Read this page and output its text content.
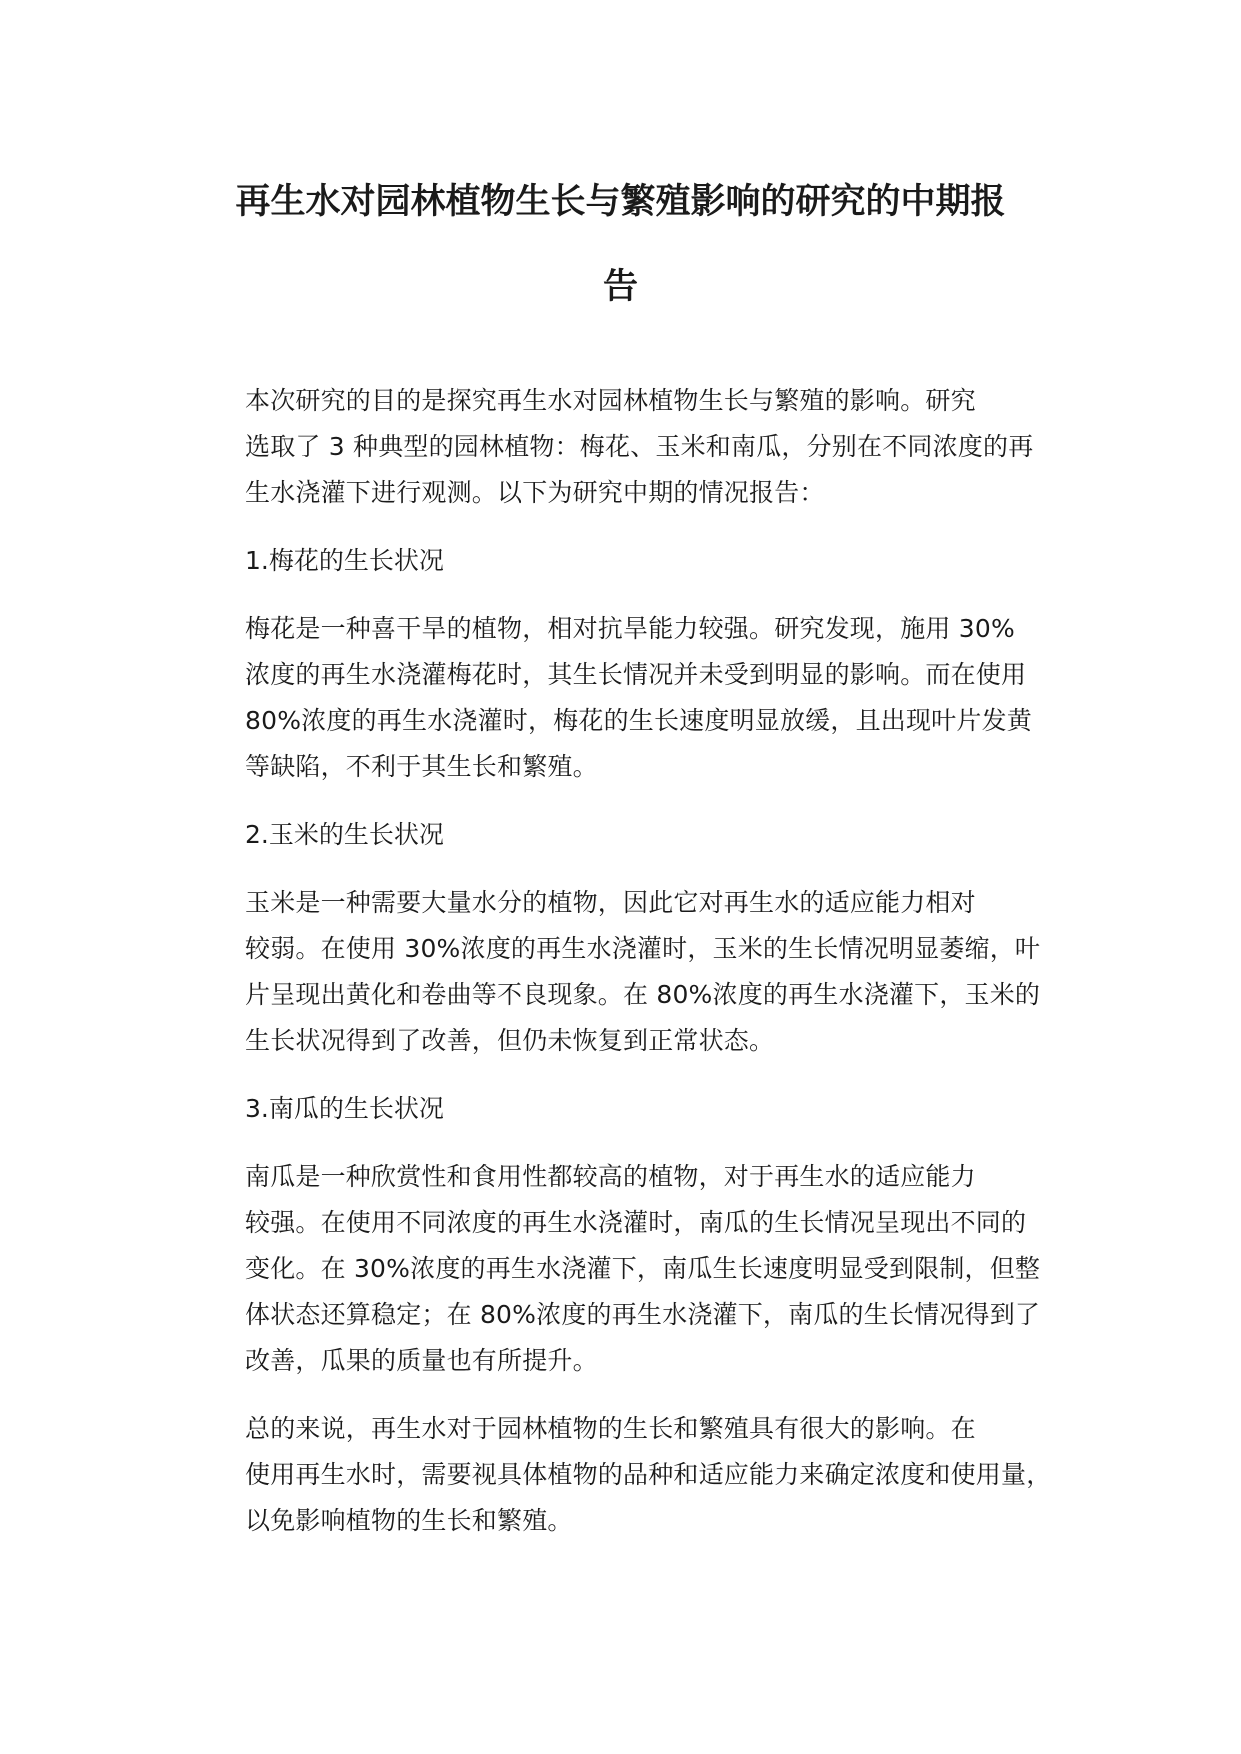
再生水对园林植物生长与繁殖影响的研究的中期报
告

本次研究的目的是探究再生水对园林植物生长与繁殖的影响。研究
选取了 3 种典型的园林植物：梅花、玉米和南瓜，分别在不同浓度的再
生水浇灌下进行观测。以下为研究中期的情况报告：

1.梅花的生长状况

梅花是一种喜干旱的植物，相对抗旱能力较强。研究发现，施用 30%
浓度的再生水浇灌梅花时，其生长情况并未受到明显的影响。而在使用
80%浓度的再生水浇灌时，梅花的生长速度明显放缓，且出现叶片发黄
等缺陷，不利于其生长和繁殖。

2.玉米的生长状况

玉米是一种需要大量水分的植物，因此它对再生水的适应能力相对
较弱。在使用 30%浓度的再生水浇灌时，玉米的生长情况明显萎缩，叶
片呈现出黄化和卷曲等不良现象。在 80%浓度的再生水浇灌下，玉米的
生长状况得到了改善，但仍未恢复到正常状态。

3.南瓜的生长状况

南瓜是一种欣赏性和食用性都较高的植物，对于再生水的适应能力
较强。在使用不同浓度的再生水浇灌时，南瓜的生长情况呈现出不同的
变化。在 30%浓度的再生水浇灌下，南瓜生长速度明显受到限制，但整
体状态还算稳定；在 80%浓度的再生水浇灌下，南瓜的生长情况得到了
改善，瓜果的质量也有所提升。

总的来说，再生水对于园林植物的生长和繁殖具有很大的影响。在
使用再生水时，需要视具体植物的品种和适应能力来确定浓度和使用量，
以免影响植物的生长和繁殖。
